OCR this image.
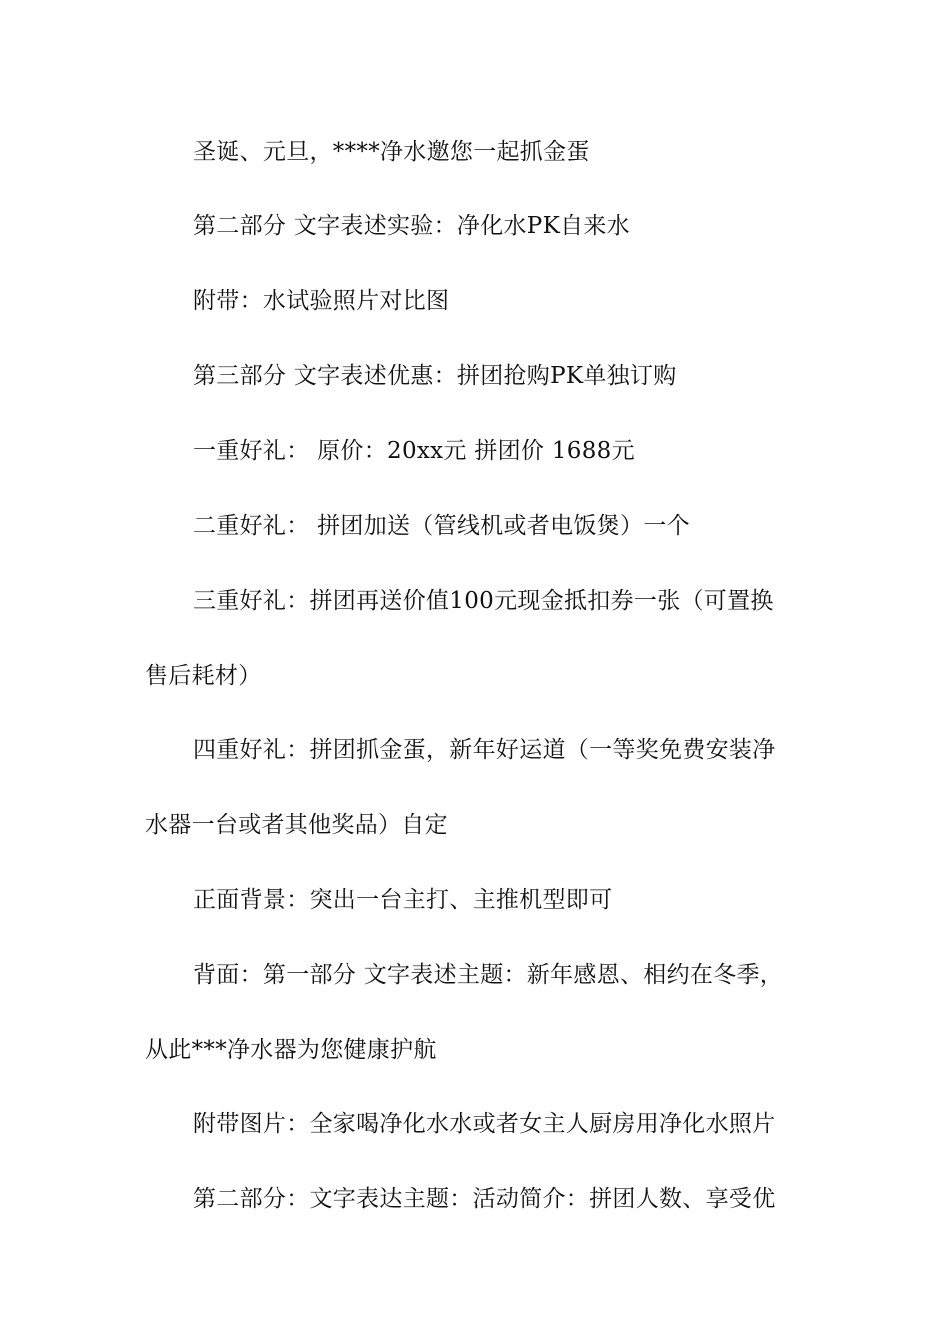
圣诞、元旦，****净水邀您一起抓金蛋
第二部分 文字表述实验：净化水PK自来水
附带：水试验照片对比图
第三部分 文字表述优惠：拼团抢购PK单独订购
一重好礼： 原价：20xx元 拼团价 1688元
二重好礼： 拼团加送（管线机或者电饭煲）一个
三重好礼：拼团再送价值100元现金抵扣券一张（可置换
售后耗材）
四重好礼：拼团抓金蛋，新年好运道（一等奖免费安装净
水器一台或者其他奖品）自定
正面背景：突出一台主打、主推机型即可
背面：第一部分 文字表述主题：新年感恩、相约在冬季，
从此***净水器为您健康护航
附带图片：全家喝净化水水或者女主人厨房用净化水照片
第二部分：文字表达主题：活动简介：拼团人数、享受优
